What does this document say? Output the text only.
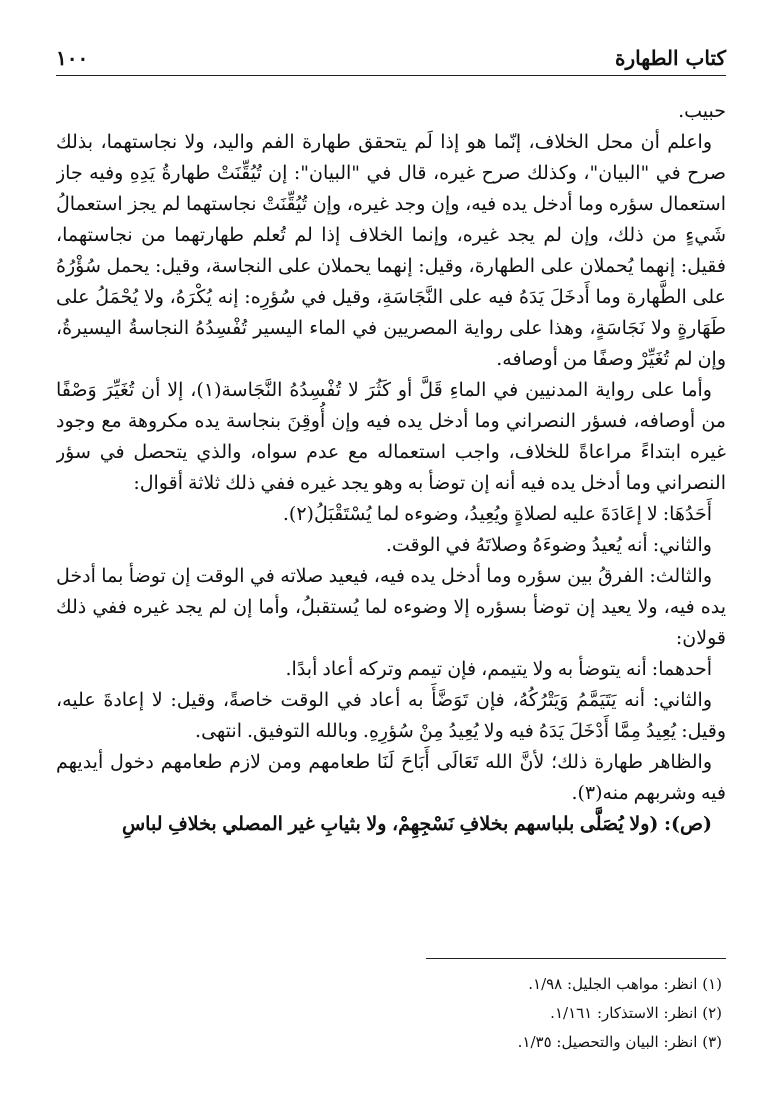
كتاب الطهارة
١٠٠

حبيب.

واعلم أن محل الخلاف، إنّما هو إذا لَم يتحقق طهارة الفم واليد، ولا نجاستهما، بذلك صرح في "البيان"، وكذلك صرح غيره، قال في "البيان": إن تُيُقِّنَتْ طهارةُ يَدِهِ وفيه جاز استعمال سؤره وما أدخل يده فيه، وإن وجد غيره، وإن تُيُقِّنَتْ نجاستهما لم يجز استعمالُ شَيءٍ من ذلك، وإن لم يجد غيره، وإنما الخلاف إذا لم تُعلم طهارتهما من نجاستهما، فقيل: إنهما يُحملان على الطهارة، وقيل: إنهما يحملان على النجاسة، وقيل: يحمل سُؤْرُهُ على الطَّهارة وما أَدخَلَ يَدَهُ فيه على النَّجَاسَةِ، وقيل في سُؤرِه: إنه يُكْرَهُ، ولا يُحْمَلُ على طَهَارةٍ ولا نَجَاسَةٍ، وهذا على رواية المصريين في الماء اليسير تُفْسِدُهُ النجاسةُ اليسيرةُ، وإن لم تُغَيِّرْ وصفًا من أوصافه.

وأما على رواية المدنيين في الماءِ قَلَّ أو كَثُرَ لا تُفْسِدُهُ النَّجَاسة(١)، إلا أن تُغَيِّرَ وَصْفًا من أوصافه، فسؤر النصراني وما أدخل يده فيه وإن أُوقِنَ بنجاسة يده مكروهة مع وجود غيره ابتداءً مراعاةً للخلاف، واجب استعماله مع عدم سواه، والذي يتحصل في سؤر النصراني وما أدخل يده فيه أنه إن توضأ به وهو يجد غيره ففي ذلك ثلاثة أقوال:

أَحَدُهَا: لا إعَادَةَ عليه لصلاةٍ ويُعِيدُ، وضوءه لما يُسْتَقْبَلُ(٢).

والثاني: أنه يُعيدُ وضوءَهُ وصلاتَهُ في الوقت.

والثالث: الفرقُ بين سؤره وما أدخل يده فيه، فيعيد صلاته في الوقت إن توضأ بما أدخل يده فيه، ولا يعيد إن توضأ بسؤره إلا وضوءه لما يُستقبلُ، وأما إن لم يجد غيره ففي ذلك قولان:

أحدهما: أنه يتوضأ به ولا يتيمم، فإن تيمم وتركه أعاد أبدًا.

والثاني: أنه يَتَيَمَّمُ وَيَتْرُكُهُ، فإن تَوَضَّأَ به أعاد في الوقت خاصةً، وقيل: لا إعادةَ عليه، وقيل: يُعِيدُ مِمَّا أَدْخَلَ يَدَهُ فيه ولا يُعِيدُ مِنْ سُؤرِهِ. وبالله التوفيق. انتهى.

والظاهر طهارة ذلك؛ لأنَّ الله تَعَالَى أَبَاحَ لَنَا طعامهم ومن لازم طعامهم دخول أيديهم فيه وشربهم منه(٣).

(ص): (ولا يُصَلَّى بلباسهم بخلافِ نَسْجِهِمْ، ولا بثيابِ غير المصلي بخلافِ لباسِ

(١) انظر: مواهب الجليل: ١/٩٨.

(٢) انظر: الاستذكار: ١/١٦١.

(٣) انظر: البيان والتحصيل: ١/٣٥.
